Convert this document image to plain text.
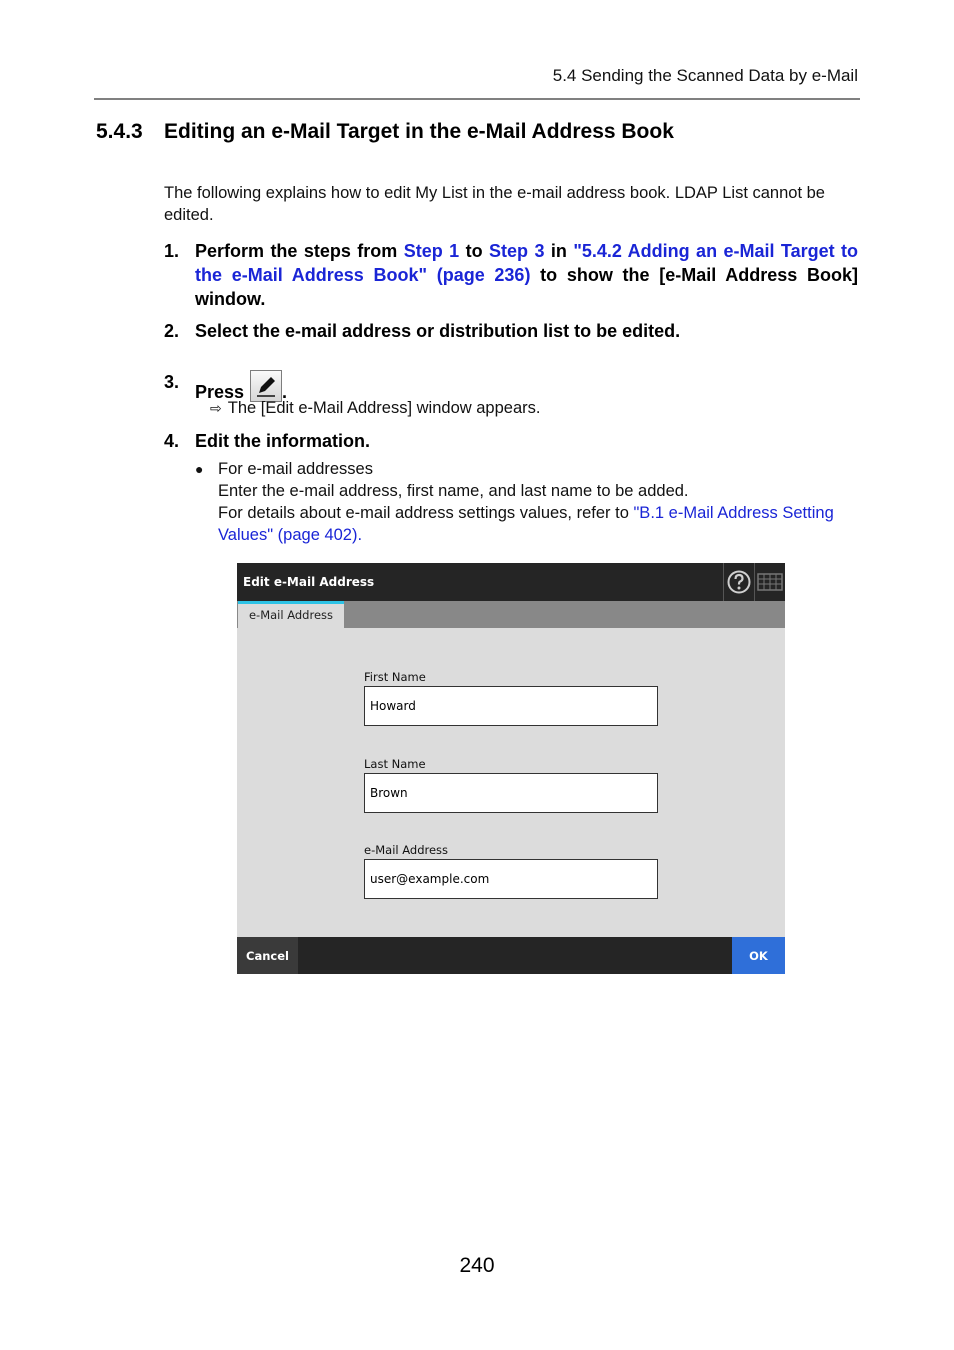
5.4 Sending the Scanned Data by e-Mail
5.4.3 Editing an e-Mail Target in the e-Mail Address Book
The following explains how to edit My List in the e-mail address book. LDAP List cannot be edited.
1. Perform the steps from Step 1 to Step 3 in "5.4.2 Adding an e-Mail Target to the e-Mail Address Book" (page 236) to show the [e-Mail Address Book] window.
2. Select the e-mail address or distribution list to be edited.
3. Press .
⇨ The [Edit e-Mail Address] window appears.
4. Edit the information.
● For e-mail addresses
Enter the e-mail address, first name, and last name to be added.
For details about e-mail address settings values, refer to "B.1 e-Mail Address Setting Values" (page 402).
Edit e-Mail Address
e-Mail Address
First Name
Howard
Last Name
Brown
e-Mail Address
user@example.com
Cancel	OK
240
